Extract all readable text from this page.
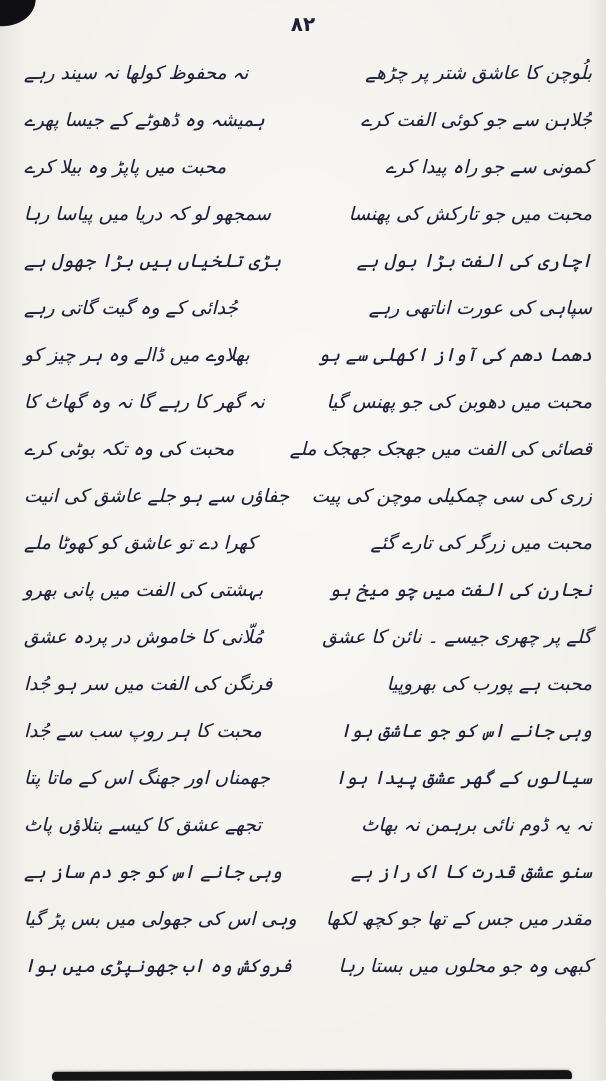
۸۲
بلُوچن کا عاشق شتر پر چڑھے
نہ محفوظ کولھا نہ سیند رہے
جُلاہن سے جو کوئی الفت کرے
ہمیشہ وہ ڈھوٹے کے جیسا پھرے
کمونی سے جو راہ پیدا کرے
محبت میں پاپڑ وہ بیلا کرے
محبت میں جو تارکش کی پھنسا
سمجھو لو کہ دریا میں پیاسا رہا
اچاری کی الفت بڑا بول ہے
بڑی تلخیاں ہیں بڑا جھول ہے
سپاہی کی عورت اناتھی رہے
جُدائی کے وہ گیت گاتی رہے
دھما دھم کی آواز اکھلی سے ہو
بھلاوے میں ڈالے وہ ہر چیز کو
محبت میں دھوبن کی جو پھنس گیا
نہ گھر کا رہے گا نہ وہ گھاٹ کا
قصائی کی الفت میں جھجک جھجک ملے
محبت کی وہ تکہ بوٹی کرے
زری کی سی چمکیلی موچن کی پیت
جفاؤں سے ہو جلے عاشق کی انیت
محبت میں زرگر کی تارے گئے
کھرا دے تو عاشق کو کھوٹا ملے
نجارن کی الفت میں چو میخ ہو
بہشتی کی الفت میں پانی بھرو
گلے پر چھری جیسے ۔ نائن کا عشق
مُلّانی کا خاموش در پردہ عشق
محبت ہے پورب کی بھروپیا
فرنگن کی الفت میں سر ہو جُدا
وہی جانے اس کو جو عاشق ہوا
محبت کا ہر روپ سب سے جُدا
سیالوں کے گھر عشق پیدا ہوا
جھمناں اور جھنگ اس کے ماتا پتا
نہ یہ ڈوم نائی برہمن نہ بھاٹ
تجھے عشق کا کیسے بتلاؤں پاٹ
سنو عشق قدرت کا اک راز ہے
وہی جانے اس کو جو دم ساز ہے
مقدر میں جس کے تھا جو کچھ لکھا
وہی اس کی جھولی میں بس پڑ گیا
کبھی وہ جو محلوں میں بستا رہا
فروکش وہ اب جھونپڑی میں ہوا
